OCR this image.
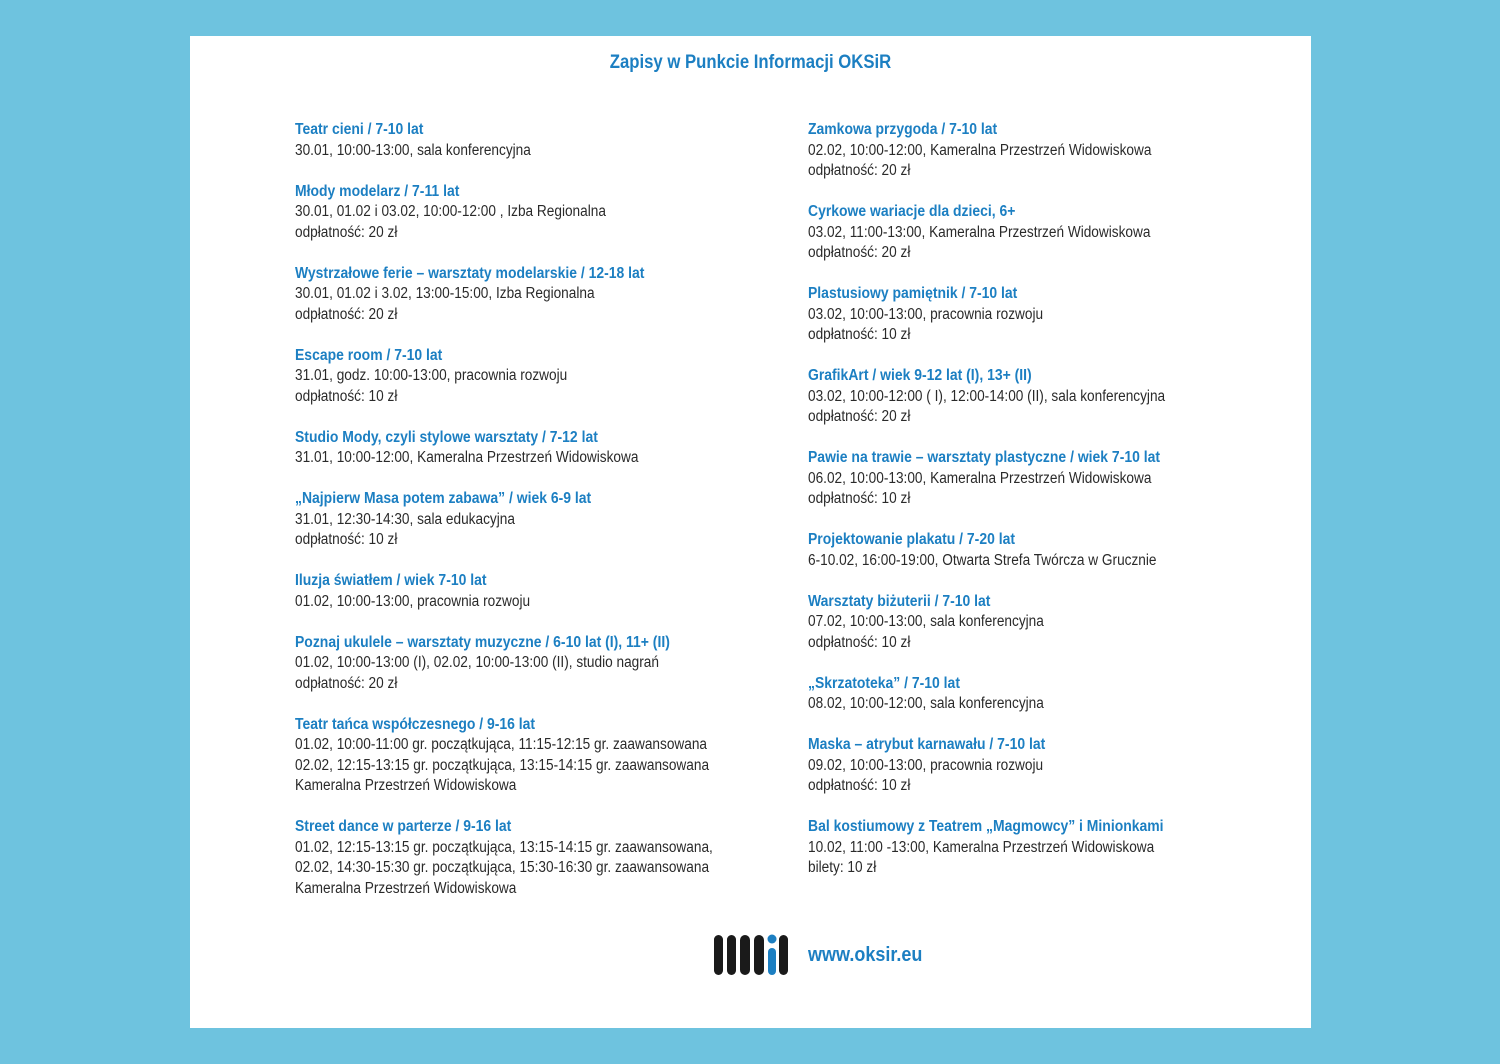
Zapisy w Punkcie Informacji OKSiR
Teatr cieni / 7-10 lat
30.01, 10:00-13:00, sala konferencyjna
Młody modelarz / 7-11 lat
30.01, 01.02 i 03.02, 10:00-12:00 , Izba Regionalna
odpłatność: 20 zł
Wystrzałowe ferie – warsztaty modelarskie / 12-18 lat
30.01, 01.02 i 3.02, 13:00-15:00, Izba Regionalna
odpłatność: 20 zł
Escape room / 7-10 lat
31.01, godz. 10:00-13:00, pracownia rozwoju
odpłatność: 10 zł
Studio Mody, czyli stylowe warsztaty / 7-12 lat
31.01, 10:00-12:00, Kameralna Przestrzeń Widowiskowa
„Najpierw Masa potem zabawa” / wiek 6-9 lat
31.01, 12:30-14:30, sala edukacyjna
odpłatność: 10 zł
Iluzja światłem / wiek 7-10 lat
01.02, 10:00-13:00, pracownia rozwoju
Poznaj ukulele – warsztaty muzyczne / 6-10 lat (I), 11+ (II)
01.02, 10:00-13:00 (I), 02.02, 10:00-13:00 (II), studio nagrań
odpłatność: 20 zł
Teatr tańca współczesnego / 9-16 lat
01.02, 10:00-11:00 gr. początkująca, 11:15-12:15 gr. zaawansowana
02.02, 12:15-13:15 gr. początkująca, 13:15-14:15 gr. zaawansowana
Kameralna Przestrzeń Widowiskowa
Street dance w parterze / 9-16 lat
01.02, 12:15-13:15 gr. początkująca, 13:15-14:15 gr. zaawansowana,
02.02, 14:30-15:30 gr. początkująca, 15:30-16:30 gr. zaawansowana
Kameralna Przestrzeń Widowiskowa
Zamkowa przygoda / 7-10 lat
02.02, 10:00-12:00, Kameralna Przestrzeń Widowiskowa
odpłatność: 20 zł
Cyrkowe wariacje dla dzieci, 6+
03.02, 11:00-13:00, Kameralna Przestrzeń Widowiskowa
odpłatność: 20 zł
Plastusiowy pamiętnik / 7-10 lat
03.02, 10:00-13:00, pracownia rozwoju
odpłatność: 10 zł
GrafikArt / wiek 9-12 lat (I), 13+ (II)
03.02, 10:00-12:00 ( I), 12:00-14:00 (II), sala konferencyjna
odpłatność: 20 zł
Pawie na trawie – warsztaty plastyczne / wiek 7-10 lat
06.02, 10:00-13:00, Kameralna Przestrzeń Widowiskowa
odpłatność: 10 zł
Projektowanie plakatu / 7-20 lat
6-10.02, 16:00-19:00, Otwarta Strefa Twórcza w Grucznie
Warsztaty biżuterii / 7-10 lat
07.02, 10:00-13:00, sala konferencyjna
odpłatność: 10 zł
„Skrzatoteka” / 7-10 lat
08.02, 10:00-12:00, sala konferencyjna
Maska – atrybut karnawału / 7-10 lat
09.02, 10:00-13:00, pracownia rozwoju
odpłatność: 10 zł
Bal kostiumowy z Teatrem „Magmowcy” i Minionkami
10.02, 11:00 -13:00, Kameralna Przestrzeń Widowiskowa
bilety: 10 zł
www.oksir.eu
